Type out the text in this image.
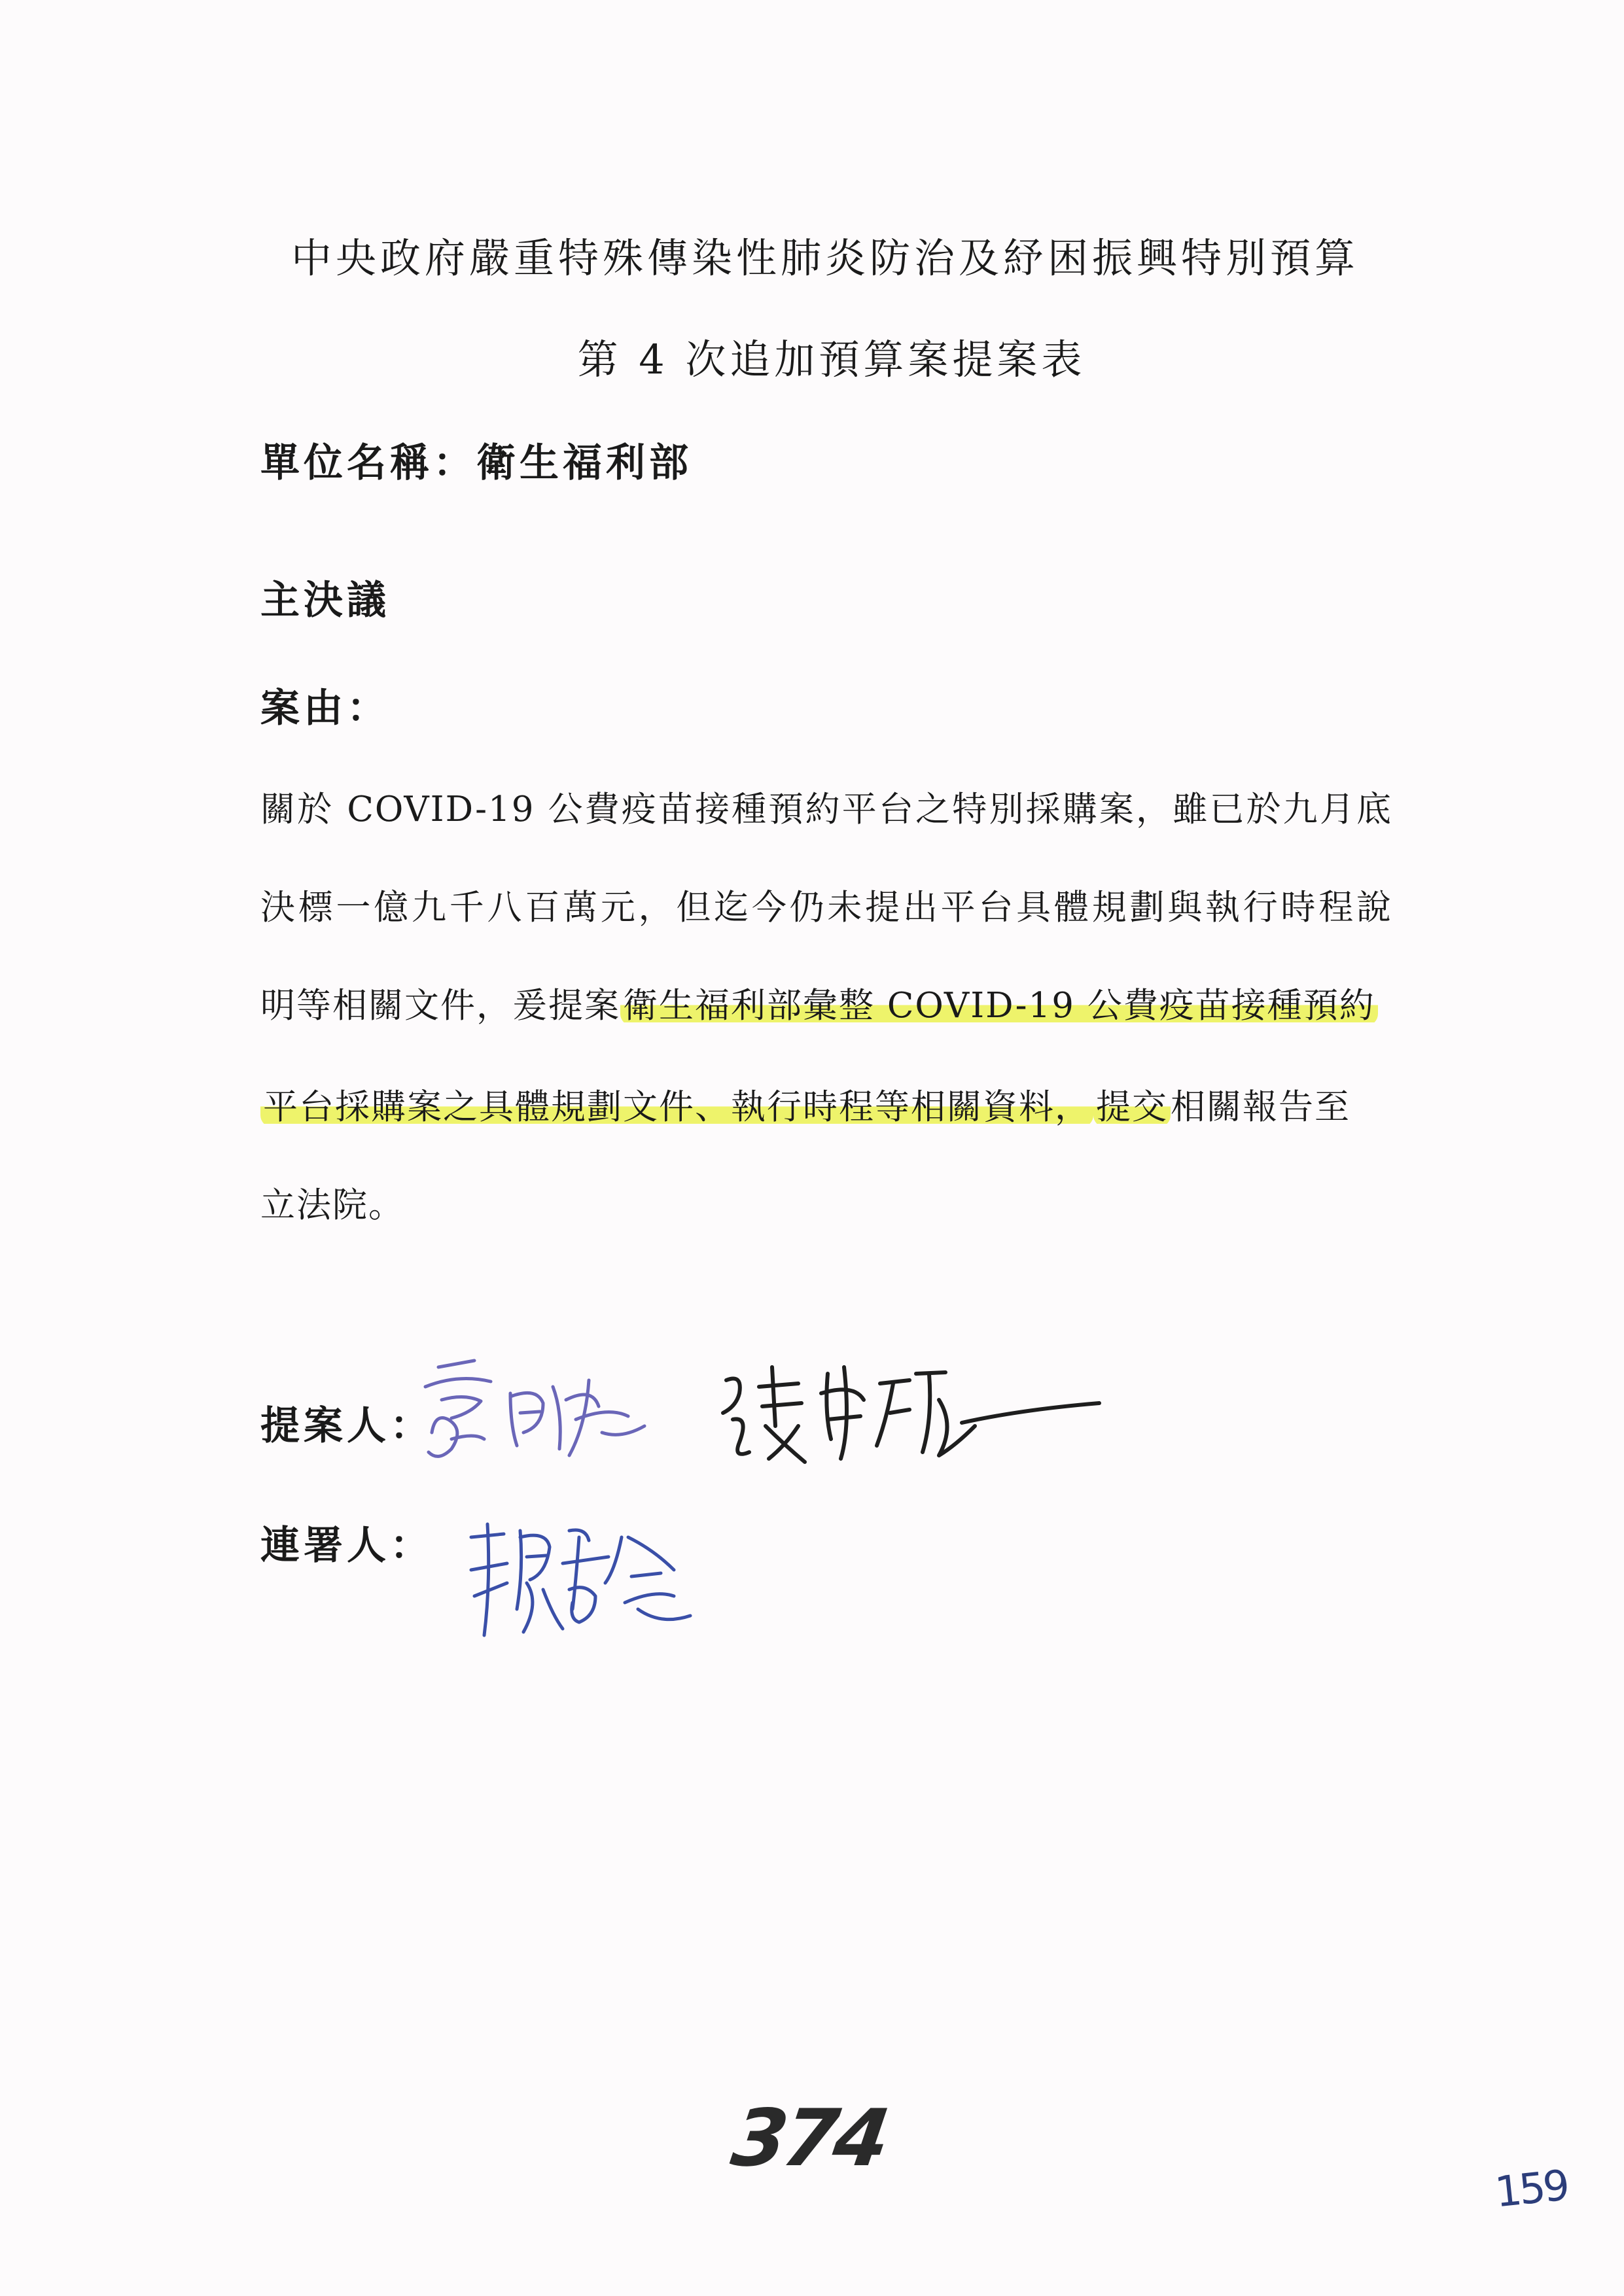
中央政府嚴重特殊傳染性肺炎防治及紓困振興特別預算
第 4 次追加預算案提案表

單位名稱：衛生福利部

主決議

案由：

關於 COVID-19 公費疫苗接種預約平台之特別採購案，雖已於九月底

決標一億九千八百萬元，但迄今仍未提出平台具體規劃與執行時程說

明等相關文件，爰提案衛生福利部彙整 COVID-19 公費疫苗接種預約

平台採購案之具體規劃文件、執行時程等相關資料， 提交相關報告至

立法院。

提案人：

連署人：

374
159
